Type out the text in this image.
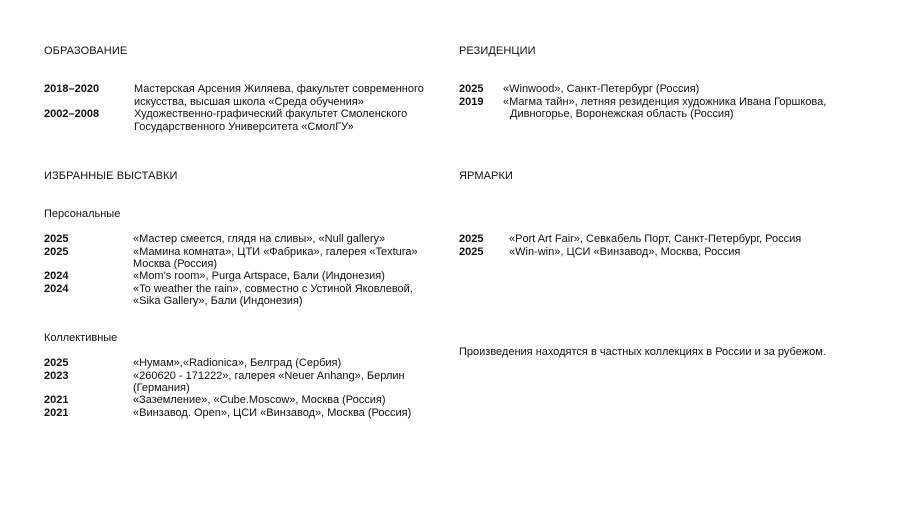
ОБРАЗОВАНИЕ
2018–2020	Мастерская Арсения Жиляева, факультет современного
искусства, высшая школа «Среда обучения»
2002–2008	Художественно-графический факультет Смоленского
Государственного Университета «СмолГУ»
ИЗБРАННЫЕ ВЫСТАВКИ
Персональные
2025	«Мастер смеется, глядя на сливы», «Null gallery»
2025	«Мамина комната», ЦТИ «Фабрика», галерея «Textura»
Москва (Россия)
2024	«Mom’s room», Purga Artspace, Бали (Индонезия)
2024	«To weather the rain», совместно с Устиной Яковлевой,
«Sika Gallery», Бали (Индонезия)
Коллективные
2025	«Нумам»,«Radionica», Белград (Сербия)
2023	«260620 - 171222», галерея «Neuer Anhang», Берлин
(Германия)
2021	«Заземление», «Cube.Moscow», Москва (Россия)
2021	«Винзавод. Open», ЦСИ «Винзавод», Москва (Россия)
РЕЗИДЕНЦИИ
2025 «Winwood», Санкт-Петербург (Россия)
2019 «Магма тайн», летняя резиденция художника Ивана Горшкова,
Дивногорье, Воронежская область (Россия)
ЯРМАРКИ
2025 «Port Art Fair», Севкабель Порт, Санкт-Петербург, Россия
2025 «Win-win», ЦСИ «Винзавод», Москва, Россия
Произведения находятся в частных коллекциях в России и за рубежом.
